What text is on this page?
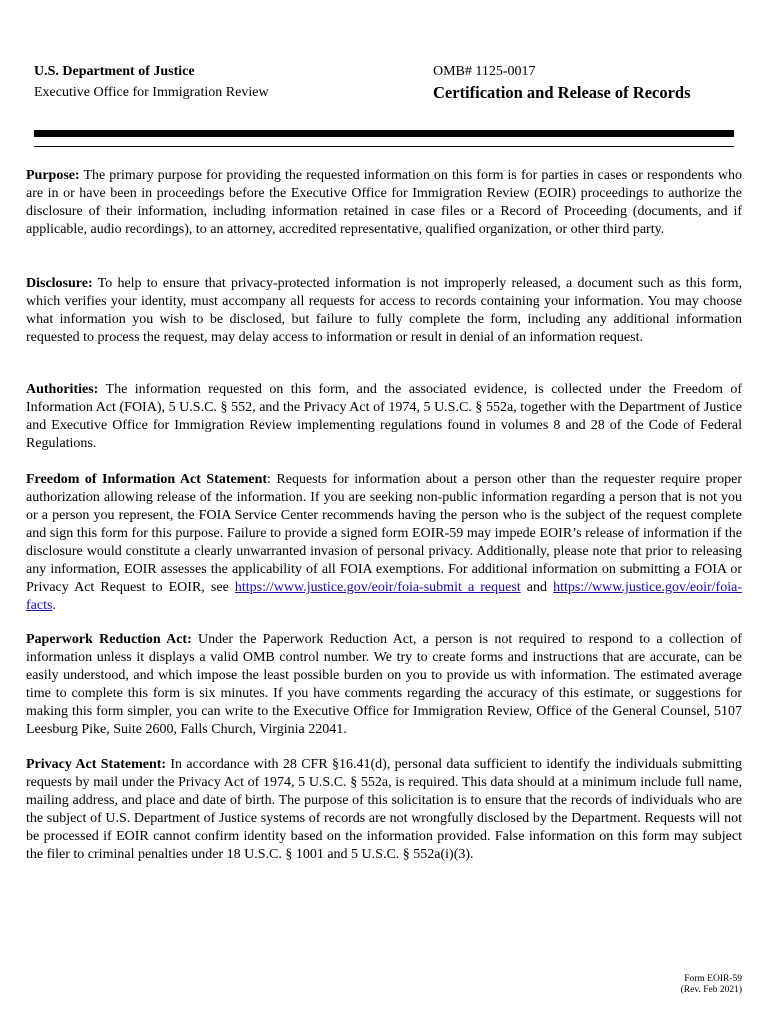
U.S. Department of Justice
Executive Office for Immigration Review
OMB# 1125-0017
Certification and Release of Records

Purpose: The primary purpose for providing the requested information on this form is for parties in cases or respondents who are in or have been in proceedings before the Executive Office for Immigration Review (EOIR) proceedings to authorize the disclosure of their information, including information retained in case files or a Record of Proceeding (documents, and if applicable, audio recordings), to an attorney, accredited representative, qualified organization, or other third party.

Disclosure: To help to ensure that privacy-protected information is not improperly released, a document such as this form, which verifies your identity, must accompany all requests for access to records containing your information. You may choose what information you wish to be disclosed, but failure to fully complete the form, including any additional information requested to process the request, may delay access to information or result in denial of an information request.

Authorities: The information requested on this form, and the associated evidence, is collected under the Freedom of Information Act (FOIA), 5 U.S.C. § 552, and the Privacy Act of 1974, 5 U.S.C. § 552a, together with the Department of Justice and Executive Office for Immigration Review implementing regulations found in volumes 8 and 28 of the Code of Federal Regulations.

Freedom of Information Act Statement: Requests for information about a person other than the requester require proper authorization allowing release of the information. If you are seeking non-public information regarding a person that is not you or a person you represent, the FOIA Service Center recommends having the person who is the subject of the request complete and sign this form for this purpose. Failure to provide a signed form EOIR-59 may impede EOIR’s release of information if the disclosure would constitute a clearly unwarranted invasion of personal privacy. Additionally, please note that prior to releasing any information, EOIR assesses the applicability of all FOIA exemptions. For additional information on submitting a FOIA or Privacy Act Request to EOIR, see https://www.justice.gov/eoir/foia-submit a request and https://www.justice.gov/eoir/foia-facts.

Paperwork Reduction Act: Under the Paperwork Reduction Act, a person is not required to respond to a collection of information unless it displays a valid OMB control number. We try to create forms and instructions that are accurate, can be easily understood, and which impose the least possible burden on you to provide us with information. The estimated average time to complete this form is six minutes. If you have comments regarding the accuracy of this estimate, or suggestions for making this form simpler, you can write to the Executive Office for Immigration Review, Office of the General Counsel, 5107 Leesburg Pike, Suite 2600, Falls Church, Virginia 22041.

Privacy Act Statement: In accordance with 28 CFR §16.41(d), personal data sufficient to identify the individuals submitting requests by mail under the Privacy Act of 1974, 5 U.S.C. § 552a, is required. This data should at a minimum include full name, mailing address, and place and date of birth. The purpose of this solicitation is to ensure that the records of individuals who are the subject of U.S. Department of Justice systems of records are not wrongfully disclosed by the Department. Requests will not be processed if EOIR cannot confirm identity based on the information provided. False information on this form may subject the filer to criminal penalties under 18 U.S.C. § 1001 and 5 U.S.C. § 552a(i)(3).

Form EOIR-59
(Rev. Feb 2021)
